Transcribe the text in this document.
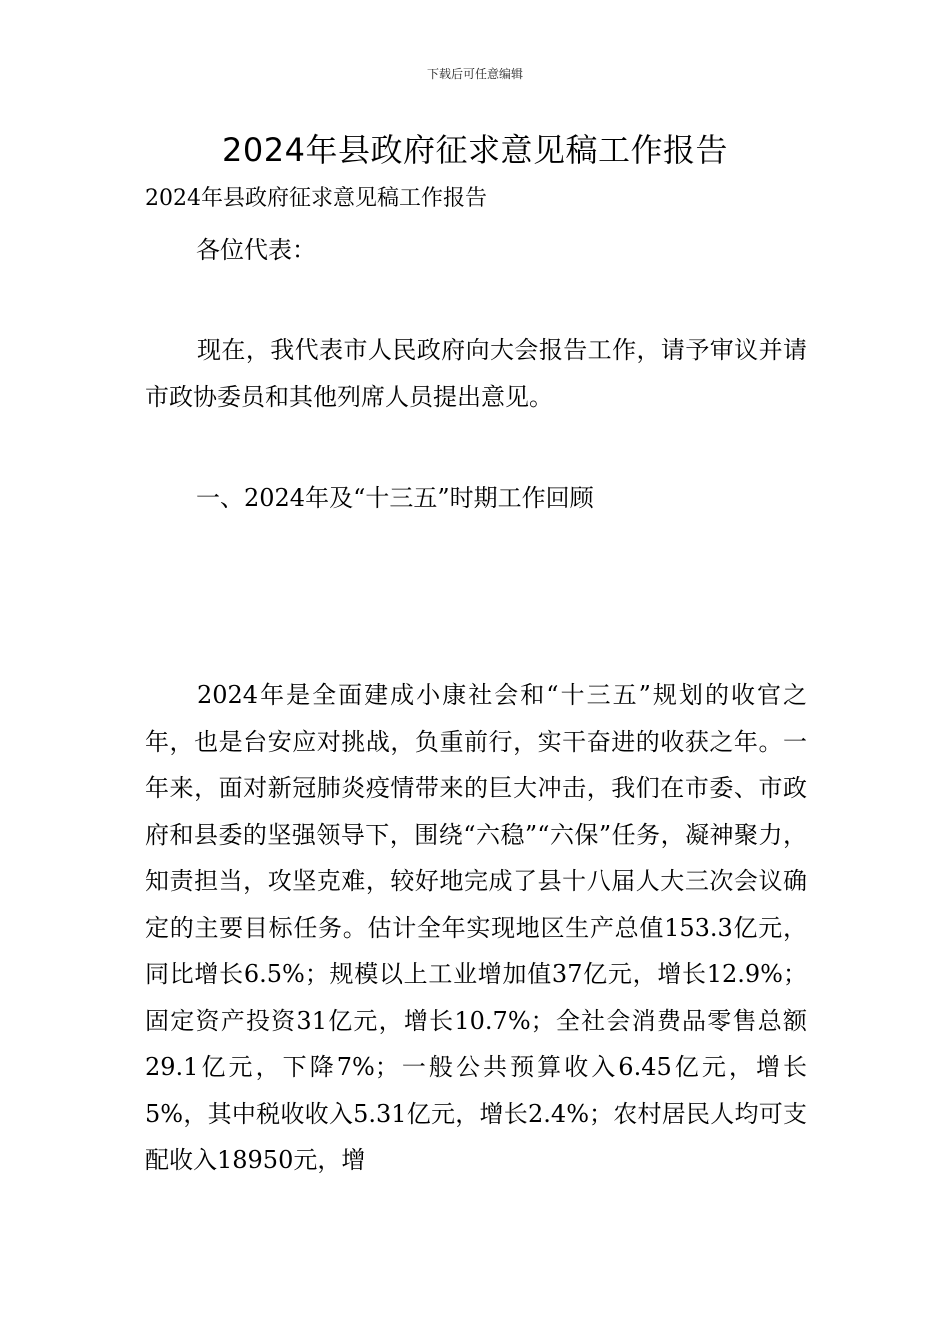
下载后可任意编辑
2024年县政府征求意见稿工作报告
2024年县政府征求意见稿工作报告
各位代表：

现在，我代表市人民政府向大会报告工作，请予审议并请市政协委员和其他列席人员提出意见。

一、2024年及“十三五”时期工作回顾

2024年是全面建成小康社会和“十三五”规划的收官之年，也是台安应对挑战，负重前行，实干奋进的收获之年。一年来，面对新冠肺炎疫情带来的巨大冲击，我们在市委、市政府和县委的坚强领导下，围绕“六稳”“六保”任务，凝神聚力，知责担当，攻坚克难，较好地完成了县十八届人大三次会议确定的主要目标任务。估计全年实现地区生产总值153.3亿元，同比增长6.5%；规模以上工业增加值37亿元，增长12.9%；固定资产投资31亿元，增长10.7%；全社会消费品零售总额29.1亿元，下降7%；一般公共预算收入6.45亿元，增长5%，其中税收收入5.31亿元，增长2.4%；农村居民人均可支配收入18950元，增
